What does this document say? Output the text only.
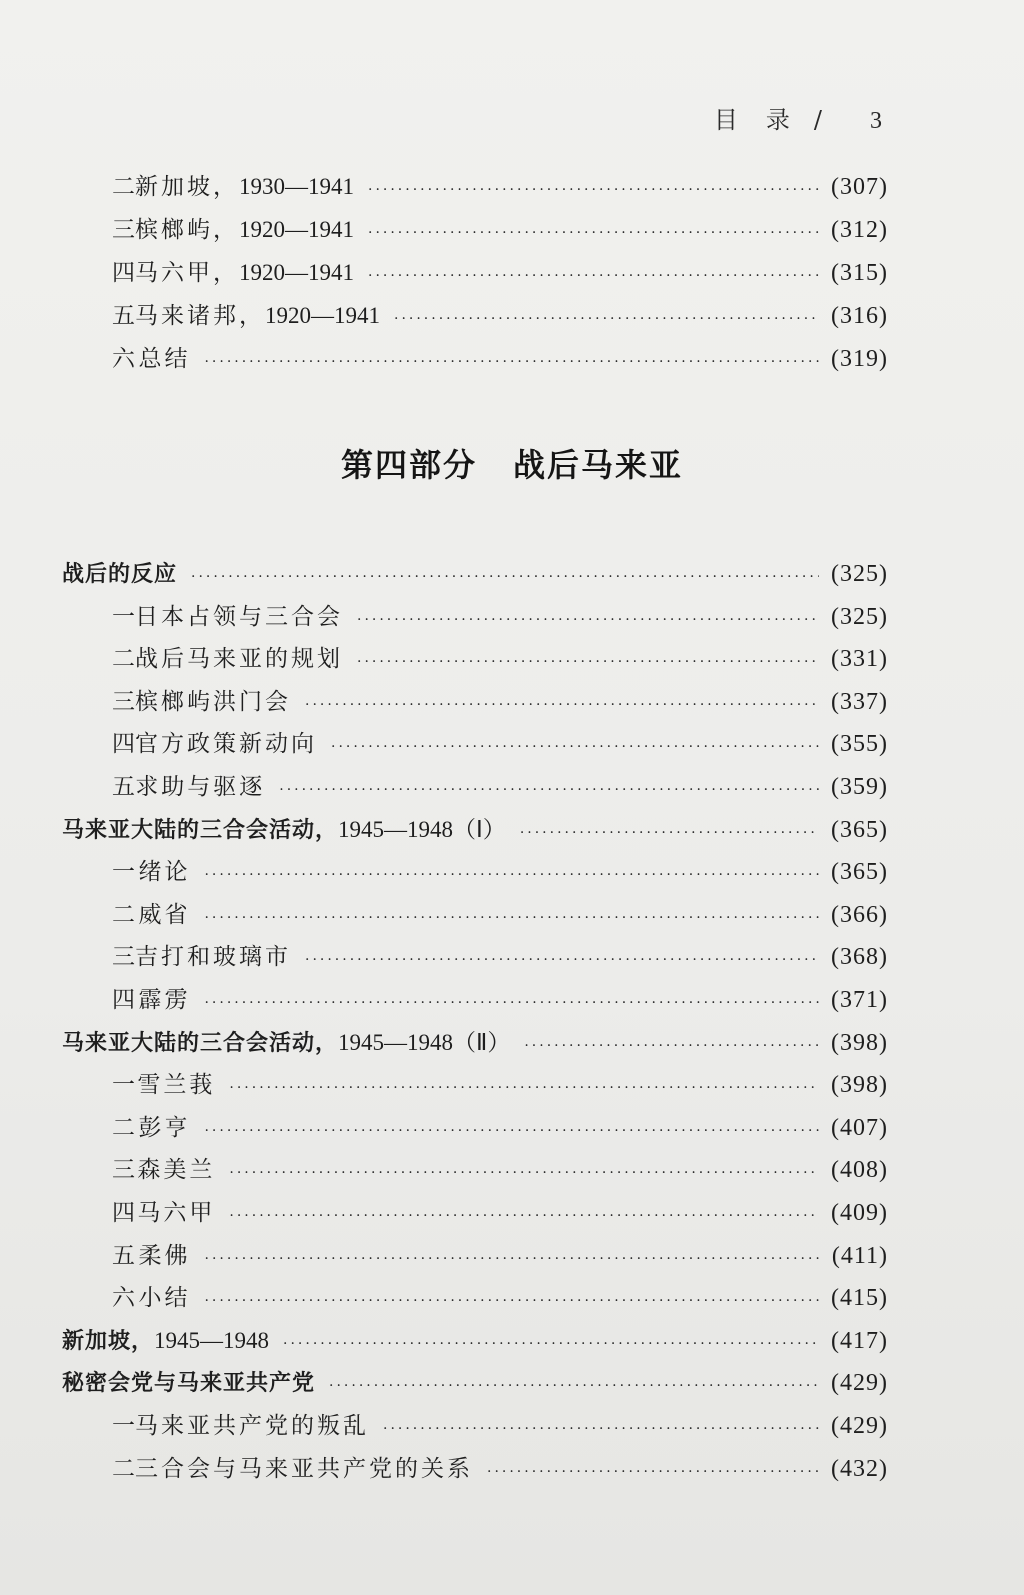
目　录 / 3
二 新加坡， 1930—1941 ·····	(307)
三 槟榔屿， 1920—1941 ·····	(312)
四 马六甲， 1920—1941 ·····	(315)
五 马来诸邦， 1920—1941 ·····	(316)
六 总结 ·····	(319)
第四部分 战后马来亚
战后的反应 ·····	(325)
一 日本占领与三合会 ·····	(325)
二 战后马来亚的规划 ·····	(331)
三 槟榔屿洪门会 ·····	(337)
四 官方政策新动向 ·····	(355)
五 求助与驱逐 ·····	(359)
马来亚大陆的三合会活动， 1945—1948（Ⅰ） ·····	(365)
一 绪论 ·····	(365)
二 威省 ·····	(366)
三 吉打和玻璃市 ·····	(368)
四 霹雳 ·····	(371)
马来亚大陆的三合会活动， 1945—1948（Ⅱ） ·····	(398)
一 雪兰莪 ·····	(398)
二 彭亨 ·····	(407)
三 森美兰 ·····	(408)
四 马六甲 ·····	(409)
五 柔佛 ·····	(411)
六 小结 ·····	(415)
新加坡， 1945—1948 ·····	(417)
秘密会党与马来亚共产党 ·····	(429)
一 马来亚共产党的叛乱 ·····	(429)
二 三合会与马来亚共产党的关系 ·····	(432)
